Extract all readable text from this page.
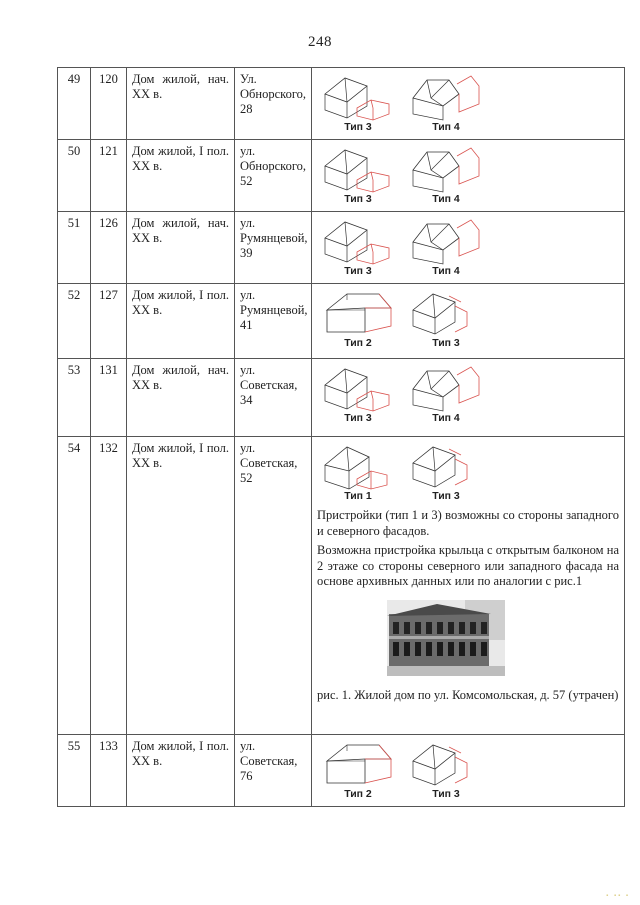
248
49	120	Дом жилой, нач. XX в.	Ул. Обнорского, 28	Тип 3 Тип 4

50	121	Дом жилой, I пол. XX в.	ул. Обнорского, 52	Тип 3 Тип 4

51	126	Дом жилой, нач. XX в.	ул. Румянцевой, 39	Тип 3 Тип 4

52	127	Дом жилой, I пол. XX в.	ул. Румянцевой, 41	Тип 2 Тип 3

53	131	Дом жилой, нач. XX в.	ул. Советская, 34	Тип 3 Тип 4

54	132	Дом жилой, I пол. XX в.	ул. Советская, 52	Тип 1 Тип 3
Пристройки (тип 1 и 3) возможны со стороны западного и северного фасадов.
Возможна пристройка крыльца с открытым балконом на 2 этаже со стороны северного или западного фасада на основе архивных данных или по аналогии с рис.1
рис. 1. Жилой дом по ул. Комсомольская, д. 57 (утрачен)

55	133	Дом жилой, I пол. XX в.	ул. Советская, 76	Тип 2 Тип 3
▪ ▪▪ ▪
